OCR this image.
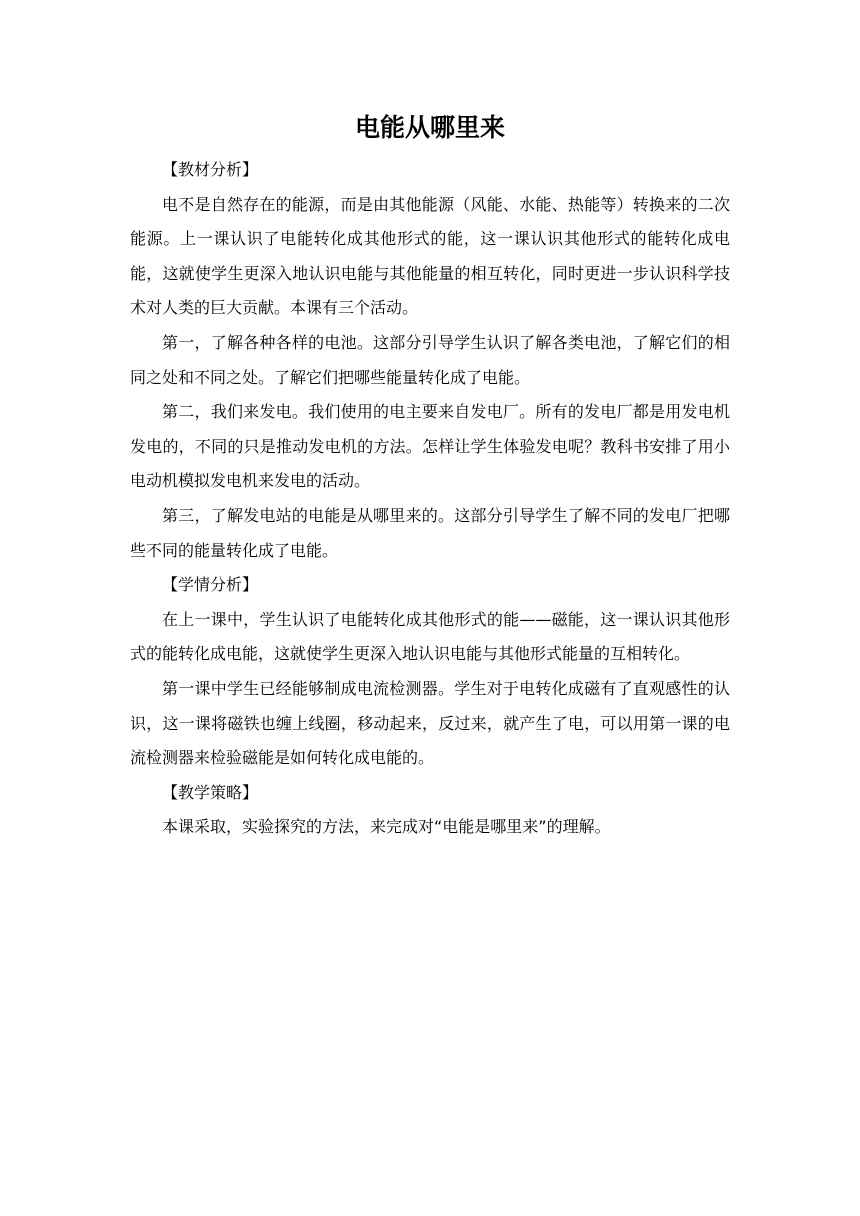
电能从哪里来

【教材分析】

电不是自然存在的能源，而是由其他能源（风能、水能、热能等）转换来的二次能源。上一课认识了电能转化成其他形式的能，这一课认识其他形式的能转化成电能，这就使学生更深入地认识电能与其他能量的相互转化，同时更进一步认识科学技术对人类的巨大贡献。本课有三个活动。

第一，了解各种各样的电池。这部分引导学生认识了解各类电池，了解它们的相同之处和不同之处。了解它们把哪些能量转化成了电能。

第二，我们来发电。我们使用的电主要来自发电厂。所有的发电厂都是用发电机发电的，不同的只是推动发电机的方法。怎样让学生体验发电呢？教科书安排了用小电动机模拟发电机来发电的活动。

第三，了解发电站的电能是从哪里来的。这部分引导学生了解不同的发电厂把哪些不同的能量转化成了电能。

【学情分析】

在上一课中，学生认识了电能转化成其他形式的能——磁能，这一课认识其他形式的能转化成电能，这就使学生更深入地认识电能与其他形式能量的互相转化。

第一课中学生已经能够制成电流检测器。学生对于电转化成磁有了直观感性的认识，这一课将磁铁也缠上线圈，移动起来，反过来，就产生了电，可以用第一课的电流检测器来检验磁能是如何转化成电能的。

【教学策略】

本课采取，实验探究的方法，来完成对“电能是哪里来”的理解。
